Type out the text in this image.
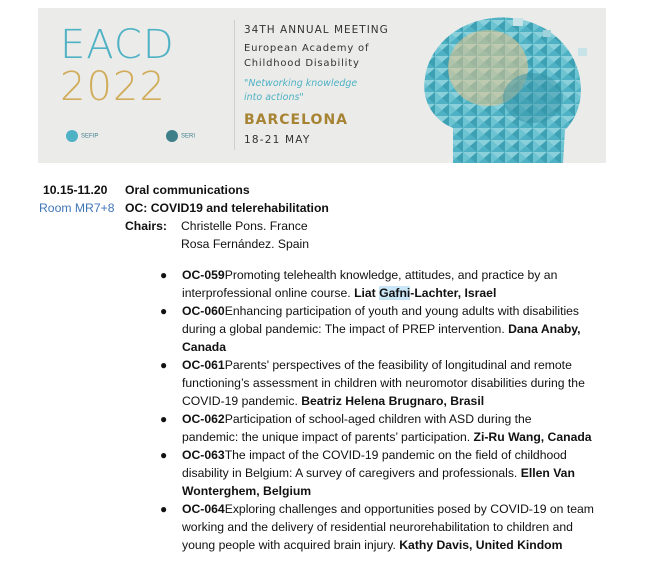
EACD
2022
SEFIP	SERI
34TH ANNUAL MEETING
European Academy of
Childhood Disability
"Networking knowledge
into actions"
BARCELONA
18-21 MAY
10.15-11.20 Oral communications
Room MR7+8 OC: COVID19 and telerehabilitation
Chairs: Christelle Pons. France
Rosa Fernández. Spain
● OC-059Promoting telehealth knowledge, attitudes, and practice by an
interprofessional online course. Liat Gafni-Lachter, Israel
● OC-060Enhancing participation of youth and young adults with disabilities
during a global pandemic: The impact of PREP intervention. Dana Anaby,
Canada
● OC-061Parents' perspectives of the feasibility of longitudinal and remote
functioning’s assessment in children with neuromotor disabilities during the
COVID-19 pandemic. Beatriz Helena Brugnaro, Brasil
● OC-062Participation of school-aged children with ASD during the
pandemic: the unique impact of parents’ participation. Zi-Ru Wang, Canada
● OC-063The impact of the COVID-19 pandemic on the field of childhood
disability in Belgium: A survey of caregivers and professionals. Ellen Van
Wonterghem, Belgium
● OC-064Exploring challenges and opportunities posed by COVID-19 on team
working and the delivery of residential neurorehabilitation to children and
young people with acquired brain injury. Kathy Davis, United Kindom
